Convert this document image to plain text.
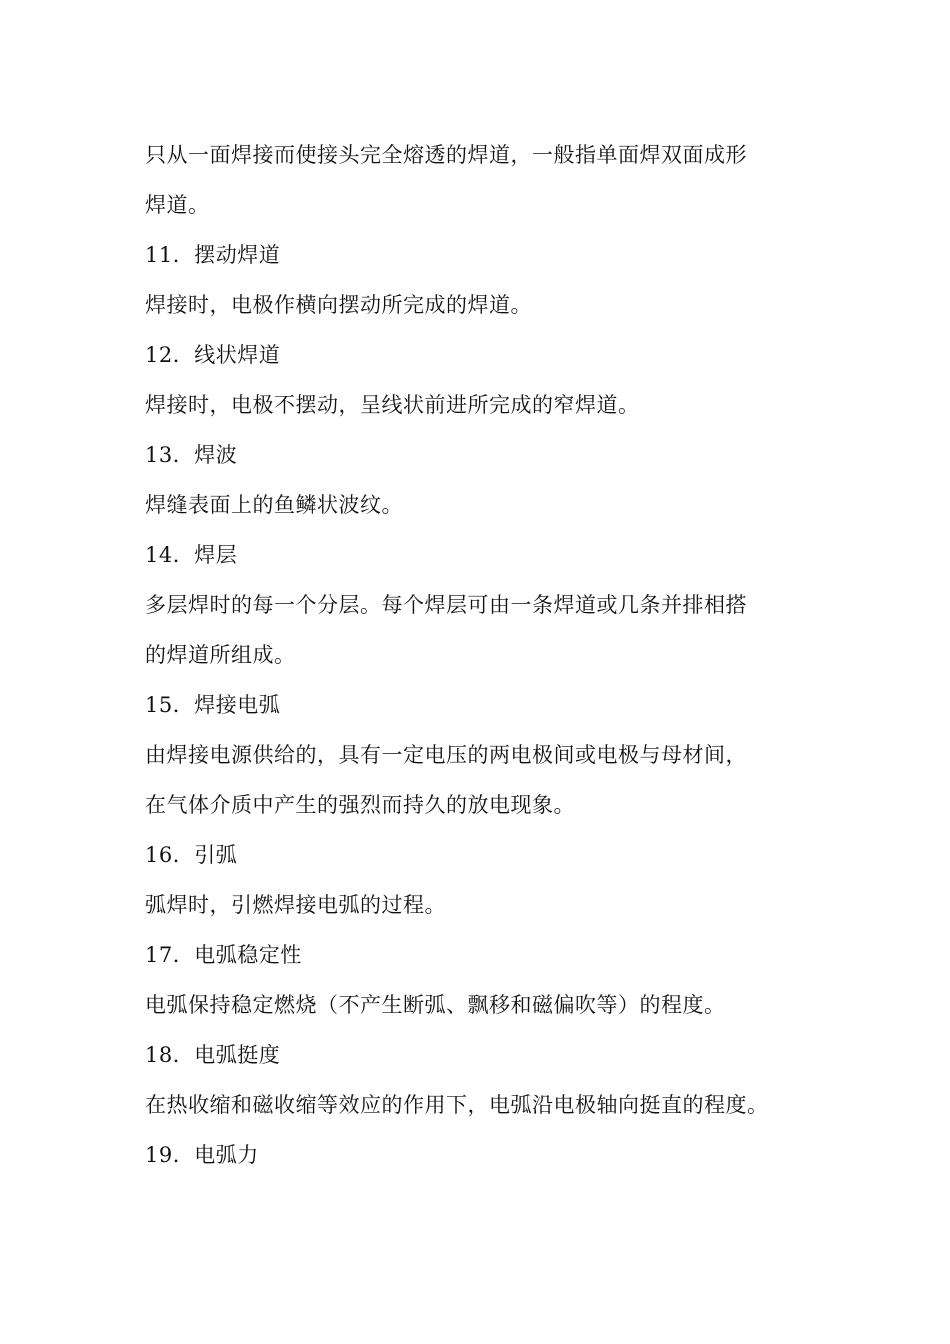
只从一面焊接而使接头完全熔透的焊道，一般指单面焊双面成形
焊道。
11．摆动焊道
焊接时，电极作横向摆动所完成的焊道。
12．线状焊道
焊接时，电极不摆动，呈线状前进所完成的窄焊道。
13．焊波
焊缝表面上的鱼鳞状波纹。
14．焊层
多层焊时的每一个分层。每个焊层可由一条焊道或几条并排相搭
的焊道所组成。
15．焊接电弧
由焊接电源供给的，具有一定电压的两电极间或电极与母材间，
在气体介质中产生的强烈而持久的放电现象。
16．引弧
弧焊时，引燃焊接电弧的过程。
17．电弧稳定性
电弧保持稳定燃烧（不产生断弧、飘移和磁偏吹等）的程度。
18．电弧挺度
在热收缩和磁收缩等效应的作用下，电弧沿电极轴向挺直的程度。
19．电弧力
